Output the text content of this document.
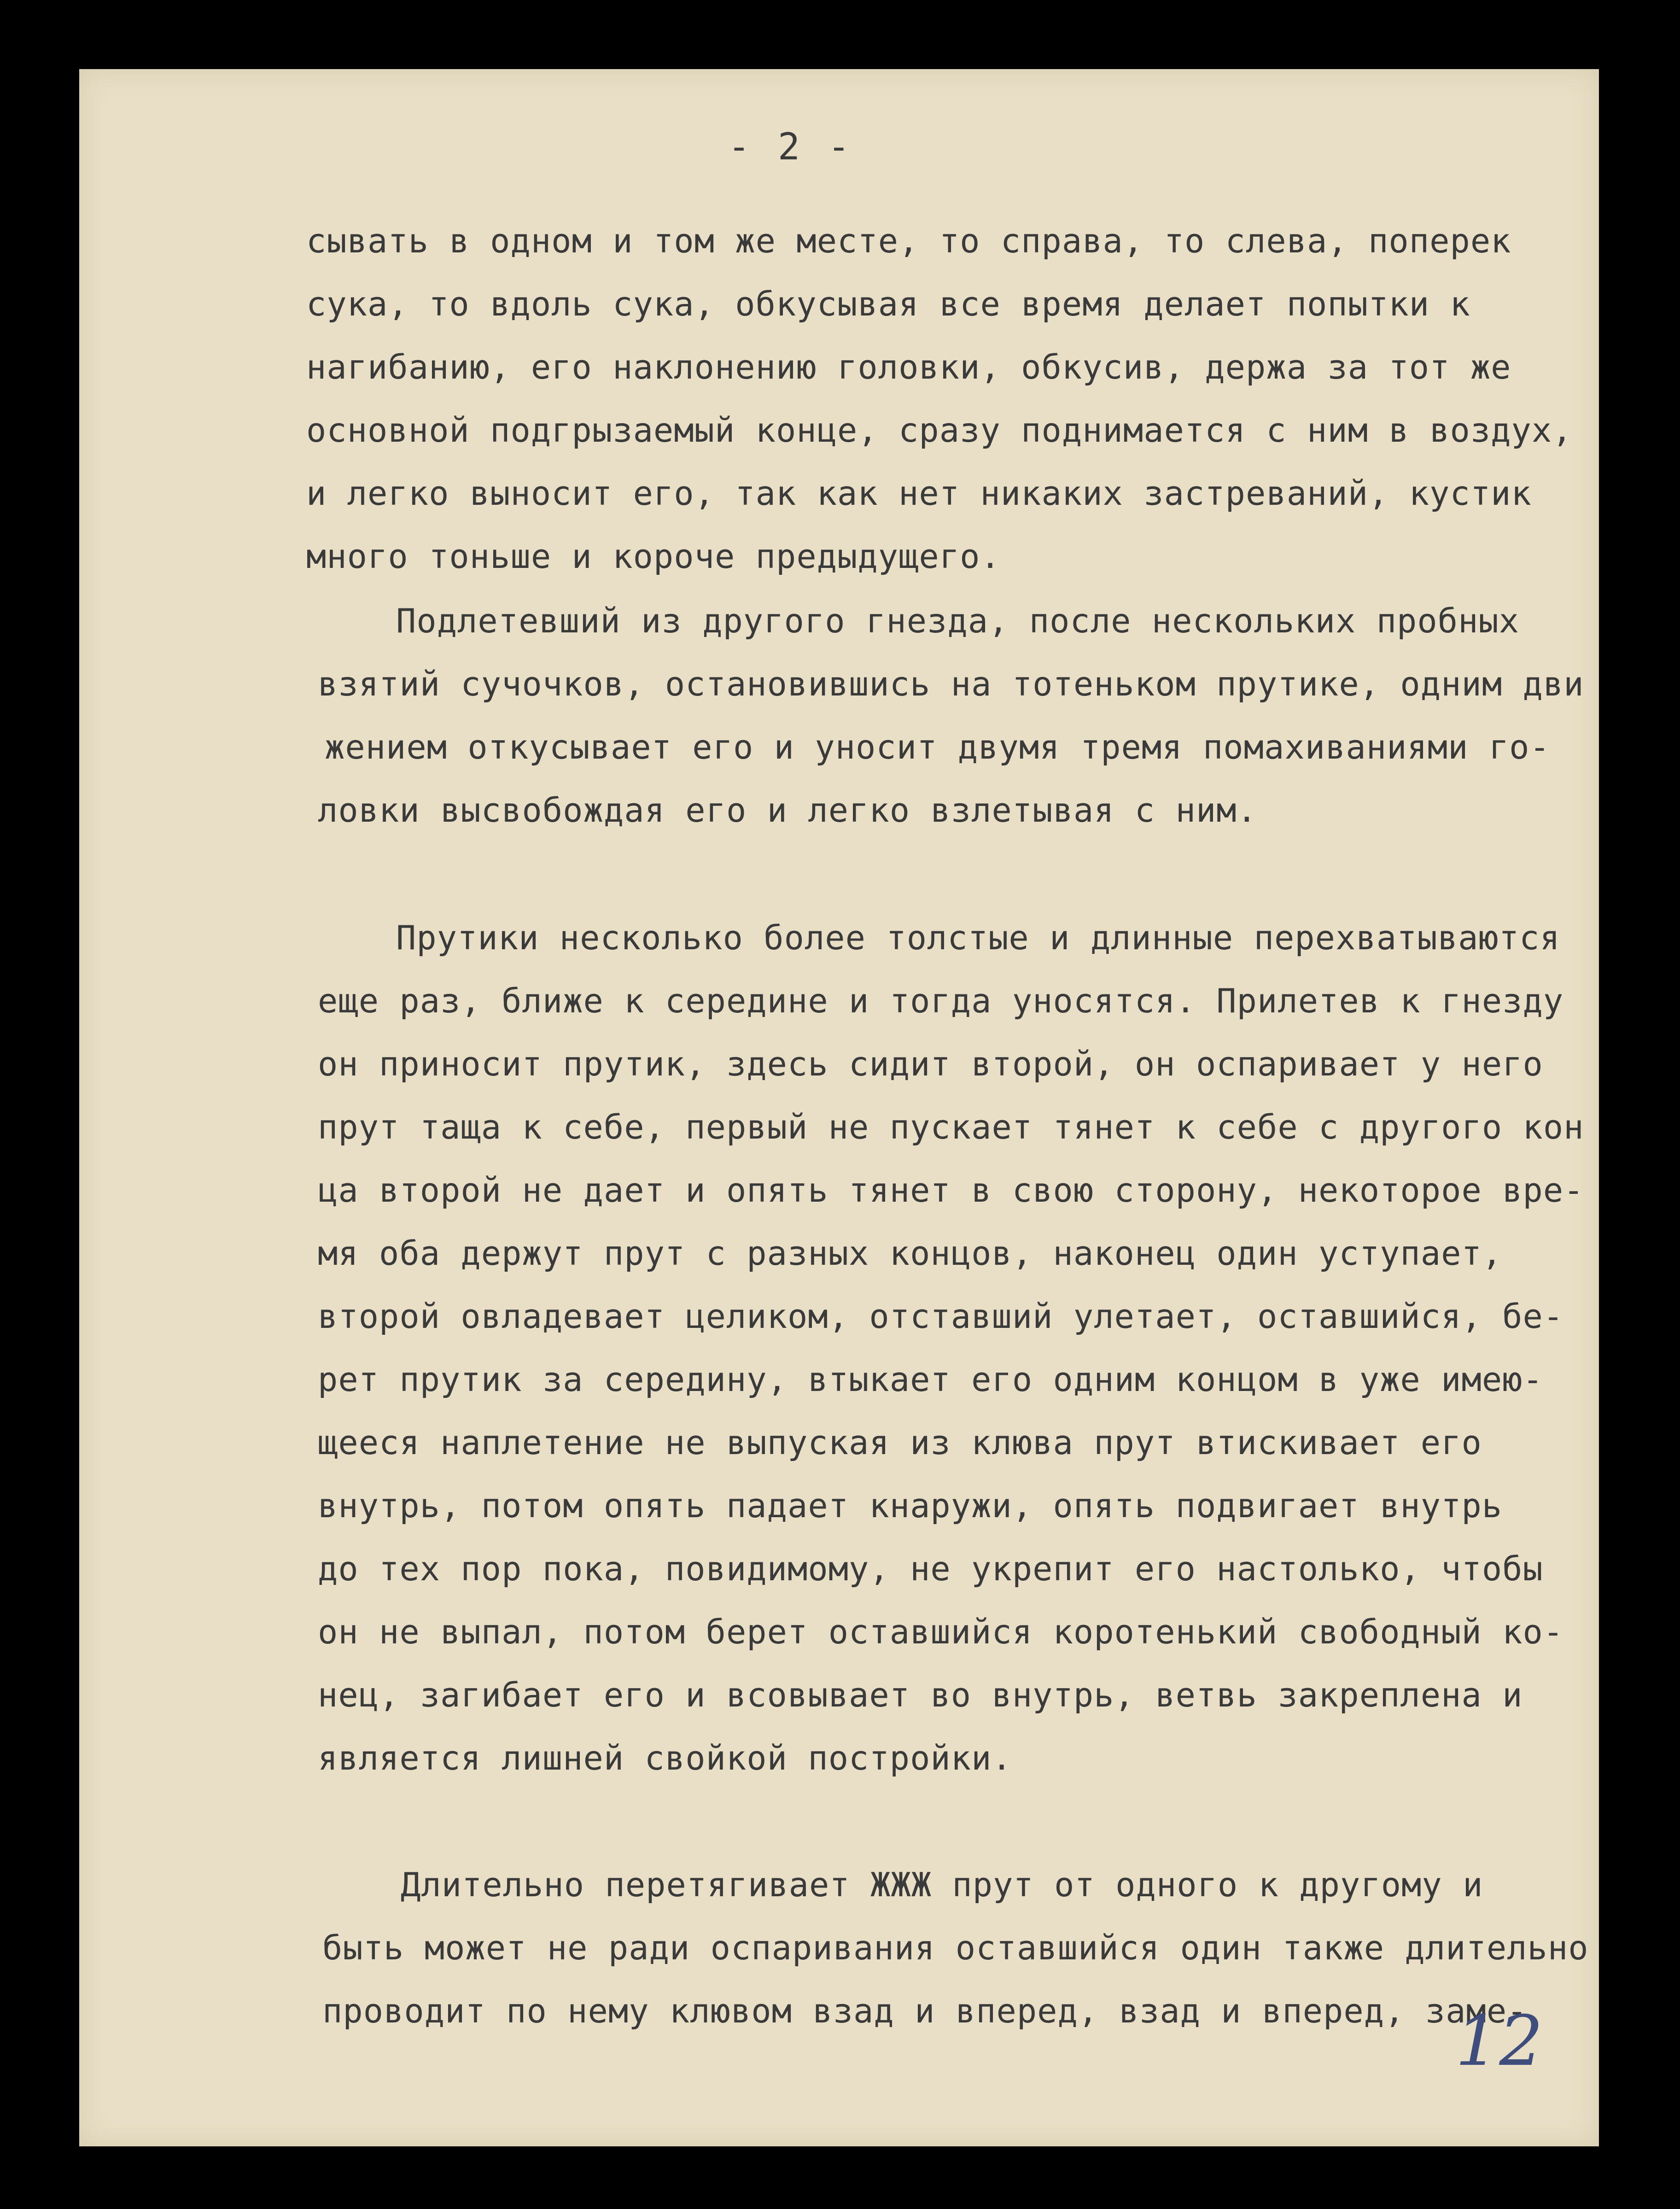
- 2 -
сывать в одном и том же месте, то справа, то слева, поперек
сука, то вдоль сука, обкусывая все время делает попытки к
нагибанию, его наклонению головки, обкусив, держа за тот же
основной подгрызаемый конце, сразу поднимается с ним в воздух,
и легко выносит его, так как нет никаких застреваний, кустик
много тоньше и короче предыдущего.
Подлетевший из другого гнезда, после нескольких пробных
взятий сучочков, остановившись на тотеньком прутике, одним дви
жением откусывает его и уносит двумя тремя помахиваниями го-
ловки высвобождая его и легко взлетывая с ним.
Прутики несколько более толстые и длинные перехватываются
еще раз, ближе к середине и тогда уносятся. Прилетев к гнезду
он приносит прутик, здесь сидит второй, он оспаривает у него
прут таща к себе, первый не пускает тянет к себе с другого кон
ца второй не дает и опять тянет в свою сторону, некоторое вре-
мя оба держут прут с разных концов, наконец один уступает,
второй овладевает целиком, отставший улетает, оставшийся, бе-
рет прутик за середину, втыкает его одним концом в уже имею-
щееся наплетение не выпуская из клюва прут втискивает его
внутрь, потом опять падает кнаружи, опять подвигает внутрь
до тех пор пока, повидимому, не укрепит его настолько, чтобы
он не выпал, потом берет оставшийся коротенький свободный ко-
нец, загибает его и всовывает во внутрь, ветвь закреплена и
является лишней свойкой постройки.
Длительно перетягивает ЖЖЖ прут от одного к другому и
быть может не ради оспаривания оставшийся один также длительно
проводит по нему клювом взад и вперед, взад и вперед, заме-
12
